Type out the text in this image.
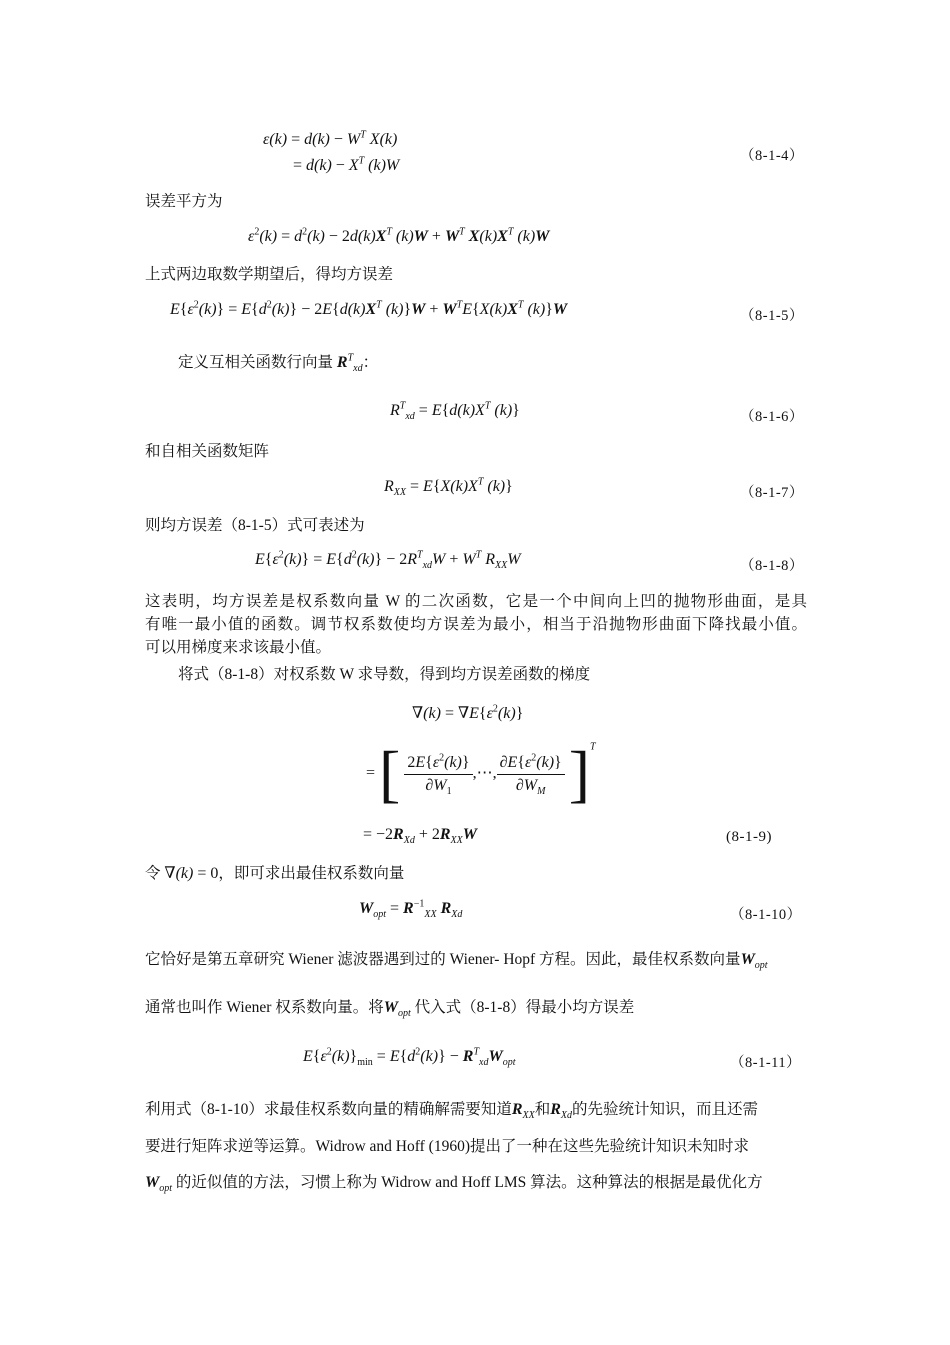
$\varepsilon(k) = d(k) - W^T$ X(k)
= $d(k) - X^T$ (k)W
（8-1-4）
误差平方为
$\varepsilon^2(k) = d^2(k) - 2d(k)X^T$ $(k)W + W^T$ $X(k)X^T$ (k)W
上式两边取数学期望后，得均方误差
$E\{\varepsilon^2(k)\} = E\{d^2(k)\} - 2E\{d(k)X^T$ $(k)\}W + W^TE\{X(k)X^T$ (k)}W	（8-1-5）
定义互相关函数行向量 $R^T_{xd}$：
$R^T_{xd} = E\{d(k)X^T$ (k)}	（8-1-6）
和自相关函数矩阵
$R_{XX} = E\{X(k)X^T$ (k)}	（8-1-7）
则均方误差（8-1-5）式可表述为
$E\{\varepsilon^2(k)\} = E\{d^2(k)\} - 2R^T_{xd}W + W^T$ $R_{XX}W$	（8-1-8）
这表明，均方误差是权系数向量 W 的二次函数，它是一个中间向上凹的抛物形曲面，是具
有唯一最小值的函数。调节权系数使均方误差为最小，相当于沿抛物形曲面下降找最小值。
可以用梯度来求该最小值。
将式（8-1-8）对权系数 W 求导数，得到均方误差函数的梯度
$\nabla(k) = \nabla E\{\varepsilon^2(k)\}$
= [ $\frac{2E\{\varepsilon^2(k)\}}{\partial W_1}$ ,⋯, $\frac{\partial E\{\varepsilon^2(k)\}}{\partial W_M} ]^T$
= $-2R_{Xd} + 2R_{XX}W$	(8-1-9)
令 ∇(k) = 0，即可求出最佳权系数向量
$W_{opt} = R^{-1}_{XX}$ $R_{Xd}$	（8-1-10）
它恰好是第五章研究 Wiener 滤波器遇到过的 Wiener- Hopf 方程。因此，最佳权系数向量$W_{opt}$
通常也叫作 Wiener 权系数向量。将$W_{opt}$ 代入式（8-1-8）得最小均方误差
$E\{\varepsilon^2(k)\}_{min} = E\{d^2(k)\} - R^T_{xd}W_{opt}$	（8-1-11）
利用式（8-1-10）求最佳权系数向量的精确解需要知道$R_{XX}$和$R_{Xd}$的先验统计知识，而且还需
要进行矩阵求逆等运算。Widrow and Hoff (1960)提出了一种在这些先验统计知识未知时求
$W_{opt}$ 的近似值的方法，习惯上称为 Widrow and Hoff LMS 算法。这种算法的根据是最优化方
